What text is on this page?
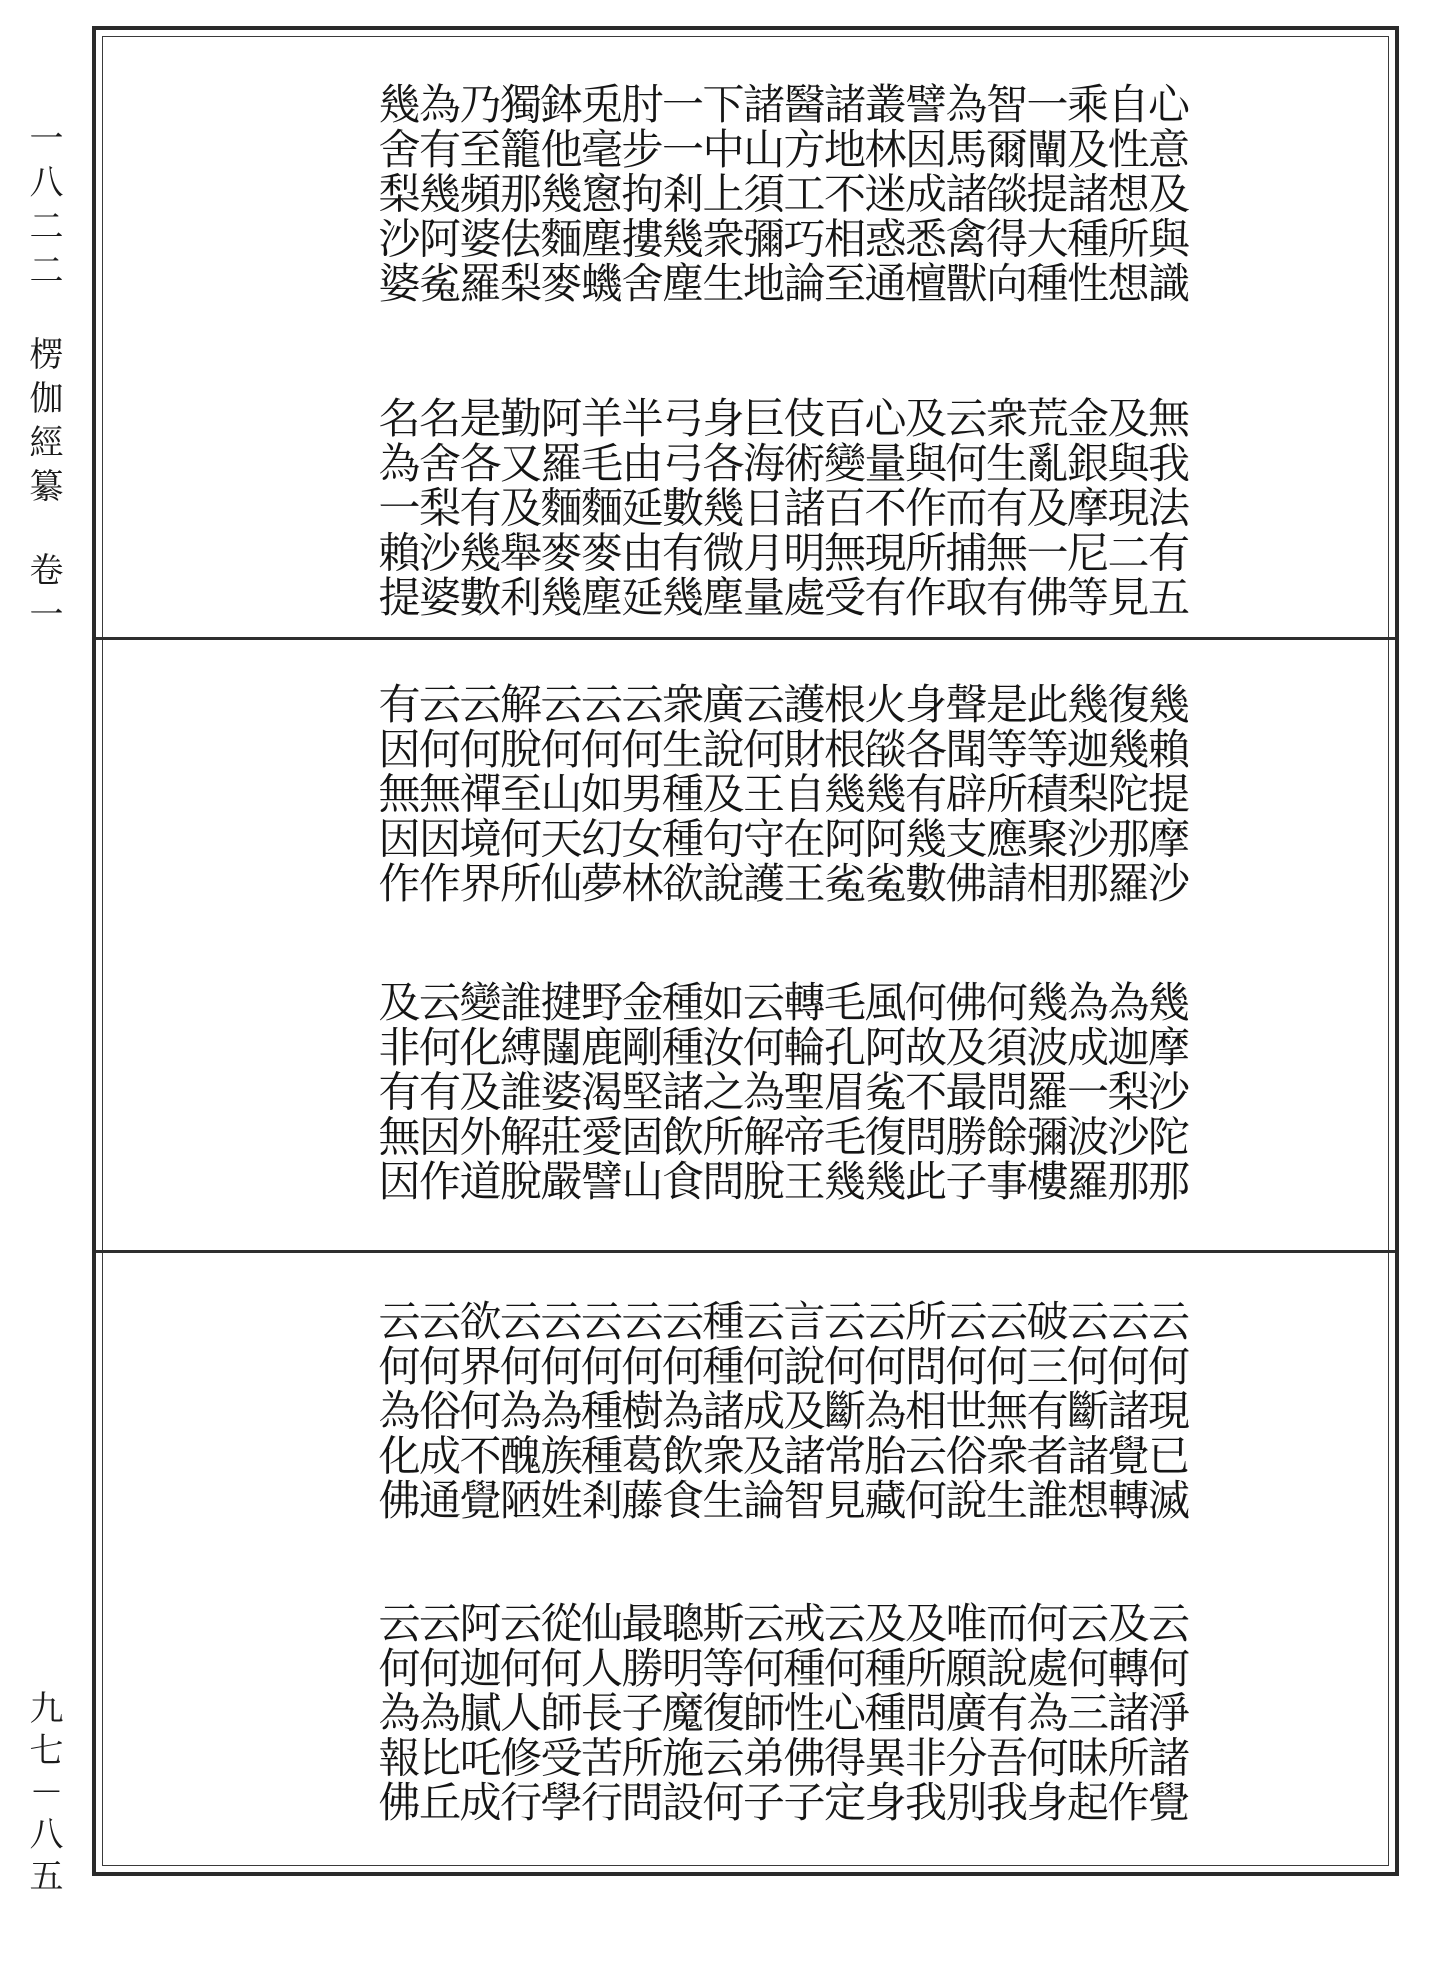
一八二二楞伽經纂卷一
九七－八五
心意及與識
自性想所想
乘及諸種性
一闡提大種
智爾燄得向
為馬諸禽獸
譬因成悉檀
叢林迷惑通
諸地不相至
醫方工巧論
諸山須彌地
下中上衆生
一一剎幾塵
肘步拘摟舍
兎毫窻塵蟣
鉢他幾麵麥
獨籠那佉梨
乃至頻婆羅
為有幾阿㝹
幾舍梨沙婆
無我法有五
及與現二見
金銀摩尼等
荒亂及一佛
衆生有無有
云何而捕取
及與作所作
心量不現有
百變百無受
伎術諸明處
巨海日月量
身各幾微塵
弓弓數有幾
半由延由延
羊毛麵麥塵
阿羅麵麥幾
勤又及舉利
是各有幾數
名舍梨沙婆
名為一賴提
幾賴提摩沙
復幾陀那羅
幾迦梨沙那
此等積聚相
是等所應請
聲聞辟支佛
身各有幾數
火燄幾阿㝹
根根幾阿㝹
護財自在王
云何王守護
廣說及句說
衆生種種欲
云何男女林
云何如幻夢
云何山天仙
解脫至何所
云何禪境界
云何無因作
有因無因作
幾摩沙陀那
為迦梨沙那
為成一波羅
幾波羅彌樓
何須問餘事
佛及最勝子
何故不問此
風阿㝹復幾
毛孔眉毛幾
轉輪聖帝王
云何為解脫
如汝之所問
種種諸飲食
金剛堅固山
野鹿渴愛譬
揵闥婆莊嚴
誰縛誰解脫
變化及外道
云何有因作
及非有無因
云何現已滅
云何諸覺轉
云何斷諸想
破三有者誰
云何無衆生
云何世俗說
所問相云何
云何為胎藏
云何斷常見
言說及諸智
云何成及論
種種諸衆生
云何為飲食
云何樹葛藤
云何種種剎
云何為族姓
云何為醜陋
欲界何不覺
云何俗成通
云何為化佛
云何淨諸覺
及轉諸所作
云何三昧起
何處為何身
而說有吾我
唯願廣分別
及所問非我
及種種異身
云何心得定
戒種性佛子
云何師弟子
斯等復云何
聰明魔施設
最勝子所問
仙人長苦行
從何師受學
云何人修行
阿迦膩吒成
云何為比丘
云何為報佛
